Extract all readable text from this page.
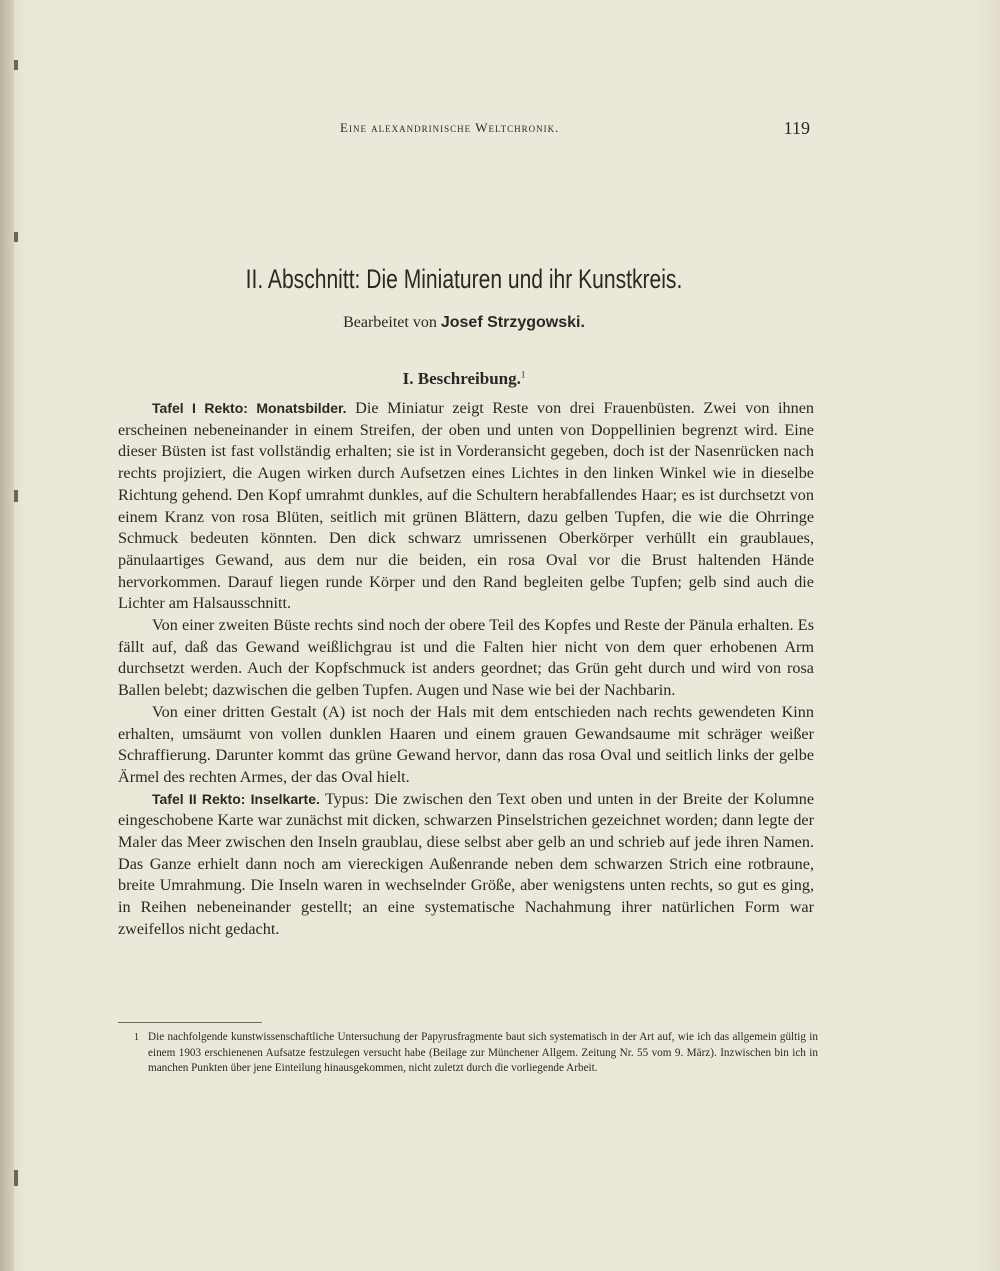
Eine alexandrinische Weltchronik.	119
II. Abschnitt: Die Miniaturen und ihr Kunstkreis.
Bearbeitet von Josef Strzygowski.
I. Beschreibung.$^1$

Tafel I Rekto: Monatsbilder. Die Miniatur zeigt Reste von drei Frauenbüsten. Zwei von ihnen erscheinen nebeneinander in einem Streifen, der oben und unten von Doppellinien begrenzt wird. Eine dieser Büsten ist fast vollständig erhalten; sie ist in Vorderansicht gegeben, doch ist der Nasenrücken nach rechts projiziert, die Augen wirken durch Aufsetzen eines Lichtes in den linken Winkel wie in dieselbe Richtung gehend. Den Kopf umrahmt dunkles, auf die Schultern herabfallendes Haar; es ist durchsetzt von einem Kranz von rosa Blüten, seitlich mit grünen Blättern, dazu gelben Tupfen, die wie die Ohrringe Schmuck bedeuten könnten. Den dick schwarz umrissenen Oberkörper verhüllt ein graublaues, pänulaartiges Gewand, aus dem nur die beiden, ein rosa Oval vor die Brust haltenden Hände hervorkommen. Darauf liegen runde Körper und den Rand begleiten gelbe Tupfen; gelb sind auch die Lichter am Halsausschnitt.

Von einer zweiten Büste rechts sind noch der obere Teil des Kopfes und Reste der Pänula erhalten. Es fällt auf, daß das Gewand weißlichgrau ist und die Falten hier nicht von dem quer erhobenen Arm durchsetzt werden. Auch der Kopfschmuck ist anders geordnet; das Grün geht durch und wird von rosa Ballen belebt; dazwischen die gelben Tupfen. Augen und Nase wie bei der Nachbarin.

Von einer dritten Gestalt (A) ist noch der Hals mit dem entschieden nach rechts gewendeten Kinn erhalten, umsäumt von vollen dunklen Haaren und einem grauen Gewandsaume mit schräger weißer Schraffierung. Darunter kommt das grüne Gewand hervor, dann das rosa Oval und seitlich links der gelbe Ärmel des rechten Armes, der das Oval hielt.

Tafel II Rekto: Inselkarte. Typus: Die zwischen den Text oben und unten in der Breite der Kolumne eingeschobene Karte war zunächst mit dicken, schwarzen Pinselstrichen gezeichnet worden; dann legte der Maler das Meer zwischen den Inseln graublau, diese selbst aber gelb an und schrieb auf jede ihren Namen. Das Ganze erhielt dann noch am viereckigen Außenrande neben dem schwarzen Strich eine rotbraune, breite Umrahmung. Die Inseln waren in wechselnder Größe, aber wenigstens unten rechts, so gut es ging, in Reihen nebeneinander gestellt; an eine systematische Nachahmung ihrer natürlichen Form war zweifellos nicht gedacht.

1 Die nachfolgende kunstwissenschaftliche Untersuchung der Papyrusfragmente baut sich systematisch in der Art auf, wie ich das allgemein gültig in einem 1903 erschienenen Aufsatze festzulegen versucht habe (Beilage zur Münchener Allgem. Zeitung Nr. 55 vom 9. März). Inzwischen bin ich in manchen Punkten über jene Einteilung hinausgekommen, nicht zuletzt durch die vorliegende Arbeit.
